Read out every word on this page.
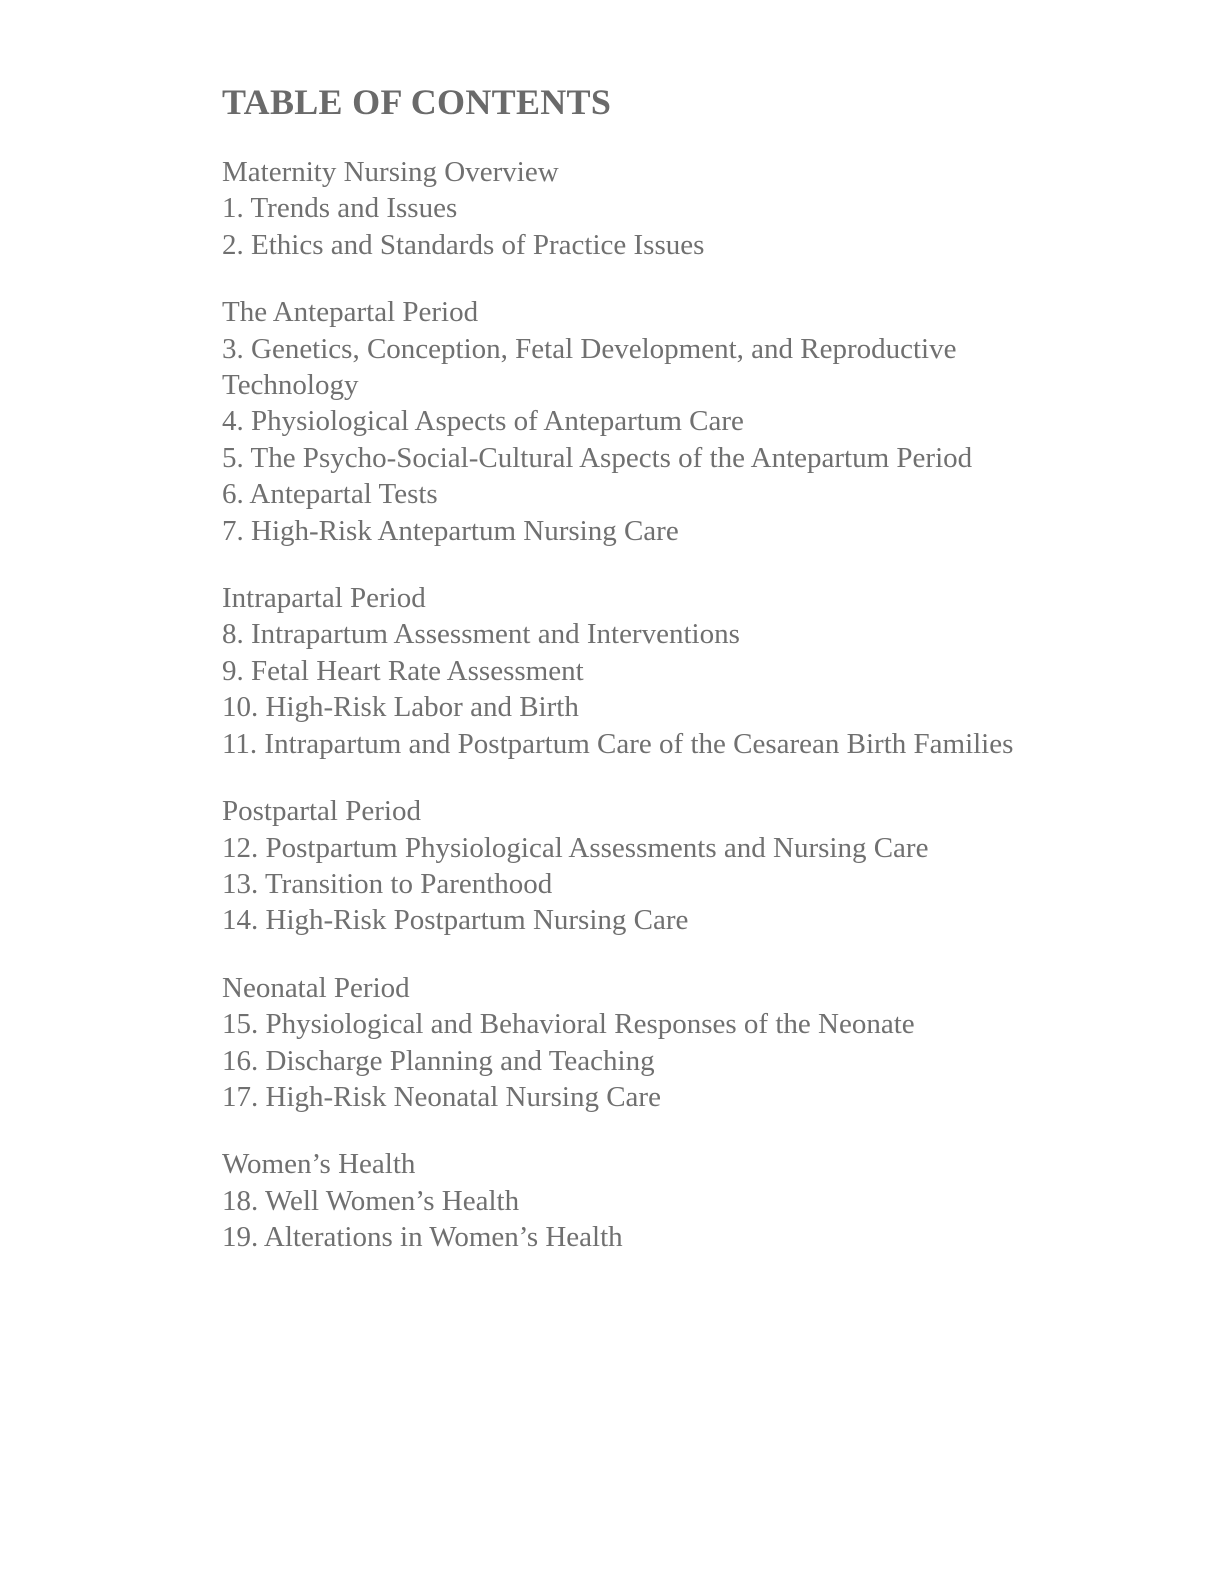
TABLE OF CONTENTS

Maternity Nursing Overview

1. Trends and Issues

2. Ethics and Standards of Practice Issues

The Antepartal Period

3. Genetics, Conception, Fetal Development, and Reproductive Technology

4. Physiological Aspects of Antepartum Care

5. The Psycho-Social-Cultural Aspects of the Antepartum Period

6. Antepartal Tests

7. High-Risk Antepartum Nursing Care

Intrapartal Period

8. Intrapartum Assessment and Interventions

9. Fetal Heart Rate Assessment

10. High-Risk Labor and Birth

11. Intrapartum and Postpartum Care of the Cesarean Birth Families

Postpartal Period

12. Postpartum Physiological Assessments and Nursing Care

13. Transition to Parenthood

14. High-Risk Postpartum Nursing Care

Neonatal Period

15. Physiological and Behavioral Responses of the Neonate

16. Discharge Planning and Teaching

17. High-Risk Neonatal Nursing Care

Women’s Health

18. Well Women’s Health

19. Alterations in Women’s Health
